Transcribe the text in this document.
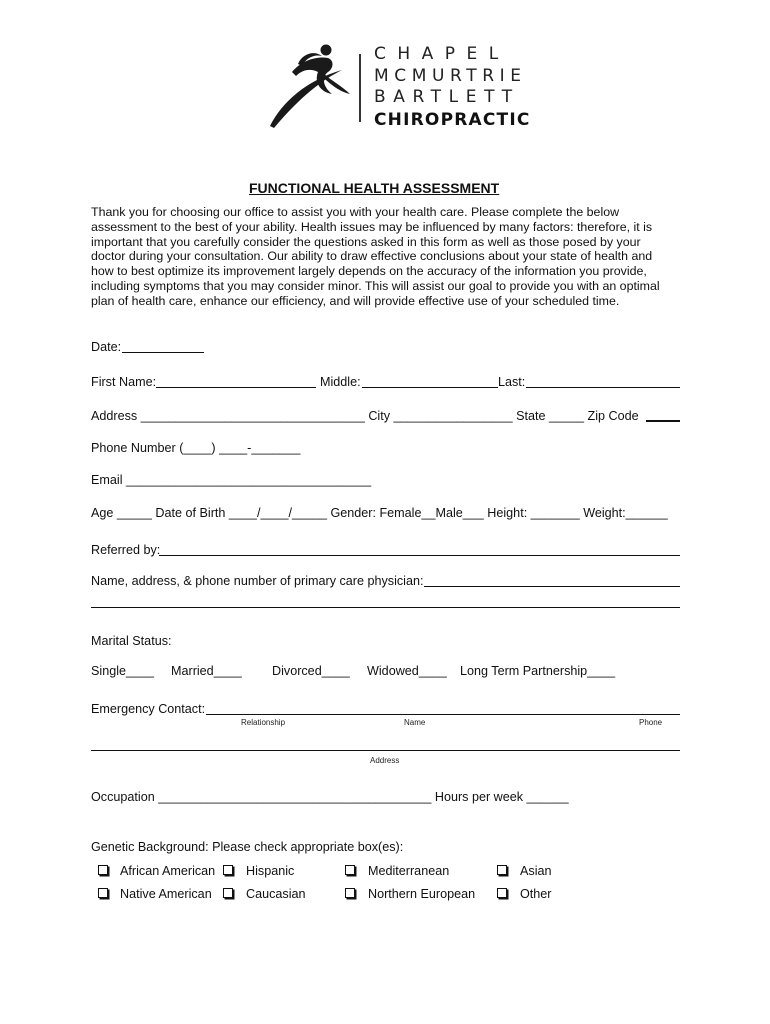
CHAPEL
MCMURTRIE
BARTLETT
CHIROPRACTIC
FUNCTIONAL HEALTH ASSESSMENT
Thank you for choosing our office to assist you with your health care. Please complete the below
assessment to the best of your ability. Health issues may be influenced by many factors: therefore, it is
important that you carefully consider the questions asked in this form as well as those posed by your
doctor during your consultation. Our ability to draw effective conclusions about your state of health and
how to best optimize its improvement largely depends on the accuracy of the information you provide,
including symptoms that you may consider minor. This will assist our goal to provide you with an optimal
plan of health care, enhance our efficiency, and will provide effective use of your scheduled time.
Date:
First Name:	Middle:	Last:
Address ________________________________ City _________________ State _____ Zip Code
Phone Number (____) ____-_______
Email ___________________________________
Age _____ Date of Birth ____/____/_____ Gender: Female__Male___ Height: _______ Weight:______
Referred by:
Name, address, & phone number of primary care physician:
Marital Status:
Single____ Married____ Divorced____ Widowed____ Long Term Partnership____
Emergency Contact:
Relationship	Name	Phone
Address
Occupation _______________________________________ Hours per week ______
Genetic Background: Please check appropriate box(es):
African American Hispanic	Mediterranean	Asian
Native American	Caucasian	Northern European	Other
